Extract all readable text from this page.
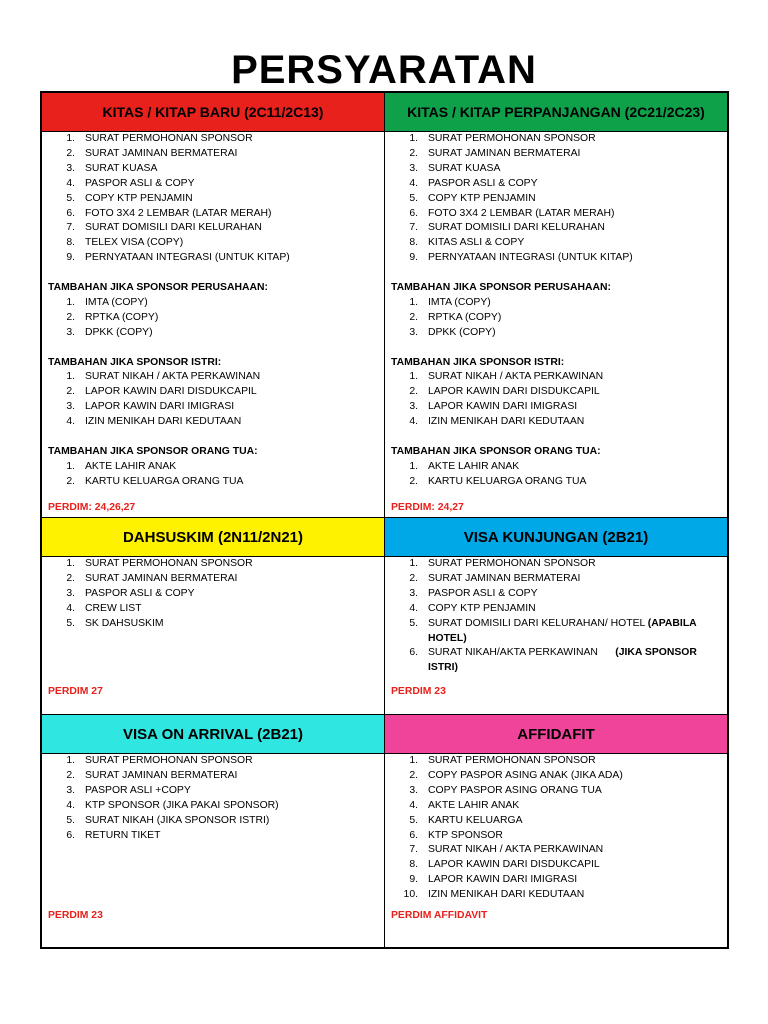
PERSYARATAN
KITAS / KITAP BARU (2C11/2C13)
1. SURAT PERMOHONAN SPONSOR
2. SURAT JAMINAN BERMATERAI
3. SURAT KUASA
4. PASPOR ASLI & COPY
5. COPY KTP PENJAMIN
6. FOTO 3X4 2 LEMBAR (LATAR MERAH)
7. SURAT DOMISILI DARI KELURAHAN
8. TELEX VISA (COPY)
9. PERNYATAAN INTEGRASI (UNTUK KITAP)
TAMBAHAN JIKA SPONSOR PERUSAHAAN:
1. IMTA (COPY)
2. RPTKA (COPY)
3. DPKK (COPY)
TAMBAHAN JIKA SPONSOR ISTRI:
1. SURAT NIKAH / AKTA PERKAWINAN
2. LAPOR KAWIN DARI DISDUKCAPIL
3. LAPOR KAWIN DARI IMIGRASI
4. IZIN MENIKAH DARI KEDUTAAN
TAMBAHAN JIKA SPONSOR ORANG TUA:
1. AKTE LAHIR ANAK
2. KARTU KELUARGA ORANG TUA
PERDIM: 24,26,27
KITAS / KITAP PERPANJANGAN (2C21/2C23)
1. SURAT PERMOHONAN SPONSOR
2. SURAT JAMINAN BERMATERAI
3. SURAT KUASA
4. PASPOR ASLI & COPY
5. COPY KTP PENJAMIN
6. FOTO 3X4 2 LEMBAR (LATAR MERAH)
7. SURAT DOMISILI DARI KELURAHAN
8. KITAS ASLI & COPY
9. PERNYATAAN INTEGRASI (UNTUK KITAP)
TAMBAHAN JIKA SPONSOR PERUSAHAAN:
1. IMTA (COPY)
2. RPTKA (COPY)
3. DPKK (COPY)
TAMBAHAN JIKA SPONSOR ISTRI:
1. SURAT NIKAH / AKTA PERKAWINAN
2. LAPOR KAWIN DARI DISDUKCAPIL
3. LAPOR KAWIN DARI IMIGRASI
4. IZIN MENIKAH DARI KEDUTAAN
TAMBAHAN JIKA SPONSOR ORANG TUA:
1. AKTE LAHIR ANAK
2. KARTU KELUARGA ORANG TUA
PERDIM: 24,27
DAHSUSKIM (2N11/2N21)
1. SURAT PERMOHONAN SPONSOR
2. SURAT JAMINAN BERMATERAI
3. PASPOR ASLI & COPY
4. CREW LIST
5. SK DAHSUSKIM
PERDIM 27
VISA KUNJUNGAN (2B21)
1. SURAT PERMOHONAN SPONSOR
2. SURAT JAMINAN BERMATERAI
3. PASPOR ASLI & COPY
4. COPY KTP PENJAMIN
5. SURAT DOMISILI DARI KELURAHAN/ HOTEL (APABILA
HOTEL)
6. SURAT NIKAH/AKTA PERKAWINAN (JIKA SPONSOR
ISTRI)
PERDIM 23
VISA ON ARRIVAL (2B21)
1. SURAT PERMOHONAN SPONSOR
2. SURAT JAMINAN BERMATERAI
3. PASPOR ASLI +COPY
4. KTP SPONSOR (JIKA PAKAI SPONSOR)
5. SURAT NIKAH (JIKA SPONSOR ISTRI)
6. RETURN TIKET
PERDIM 23
AFFIDAFIT
1. SURAT PERMOHONAN SPONSOR
2. COPY PASPOR ASING ANAK (JIKA ADA)
3. COPY PASPOR ASING ORANG TUA
4. AKTE LAHIR ANAK
5. KARTU KELUARGA
6. KTP SPONSOR
7. SURAT NIKAH / AKTA PERKAWINAN
8. LAPOR KAWIN DARI DISDUKCAPIL
9. LAPOR KAWIN DARI IMIGRASI
10. IZIN MENIKAH DARI KEDUTAAN
PERDIM AFFIDAVIT
